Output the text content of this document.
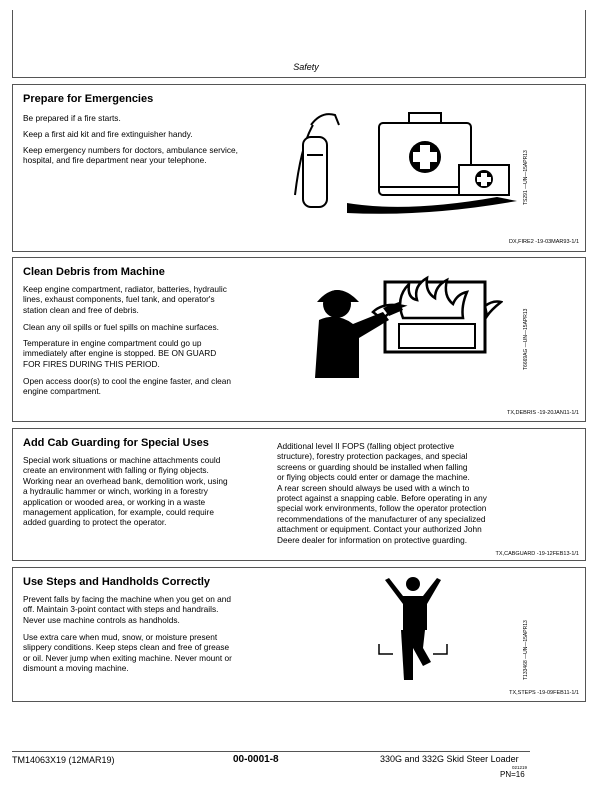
Safety
Prepare for Emergencies
Be prepared if a fire starts.
Keep a first aid kit and fire extinguisher handy.
Keep emergency numbers for doctors, ambulance service,
hospital, and fire department near your telephone.	TS291 —UN—15APR13
DX,FIRE2 -19-03MAR93-1/1
Clean Debris from Machine
Keep engine compartment, radiator, batteries, hydraulic
lines, exhaust components, fuel tank, and operator's
station clean and free of debris.
Clean any oil spills or fuel spills on machine surfaces.
Temperature in engine compartment could go up
immediately after engine is stopped. BE ON GUARD
FOR FIRES DURING THIS PERIOD.
Open access door(s) to cool the engine faster, and clean
engine compartment.
T6669AG —UN—15APR13
TX,DEBRIS -19-20JAN11-1/1
Add Cab Guarding for Special Uses
Special work situations or machine attachments could
create an environment with falling or flying objects.
Working near an overhead bank, demolition work, using
a hydraulic hammer or winch, working in a forestry
application or wooded area, or working in a waste
management application, for example, could require
added guarding to protect the operator.
Additional level II FOPS (falling object protective
structure), forestry protection packages, and special
screens or guarding should be installed when falling
or flying objects could enter or damage the machine.
A rear screen should always be used with a winch to
protect against a snapping cable. Before operating in any
special work environments, follow the operator protection
recommendations of the manufacturer of any specialized
attachment or equipment. Contact your authorized John
Deere dealer for information on protective guarding.
TX,CABGUARD -19-12FEB13-1/1
Use Steps and Handholds Correctly
Prevent falls by facing the machine when you get on and
off. Maintain 3-point contact with steps and handrails.
Never use machine controls as handholds.
Use extra care when mud, snow, or moisture present
slippery conditions. Keep steps clean and free of grease
or oil. Never jump when exiting machine. Never mount or
dismount a moving machine.	T133468 —UN—15APR13
TX,STEPS -19-09FEB11-1/1
TM14063X19 (12MAR19)	00-0001-8	330G and 332G Skid Steer Loader
021219
PN=16
